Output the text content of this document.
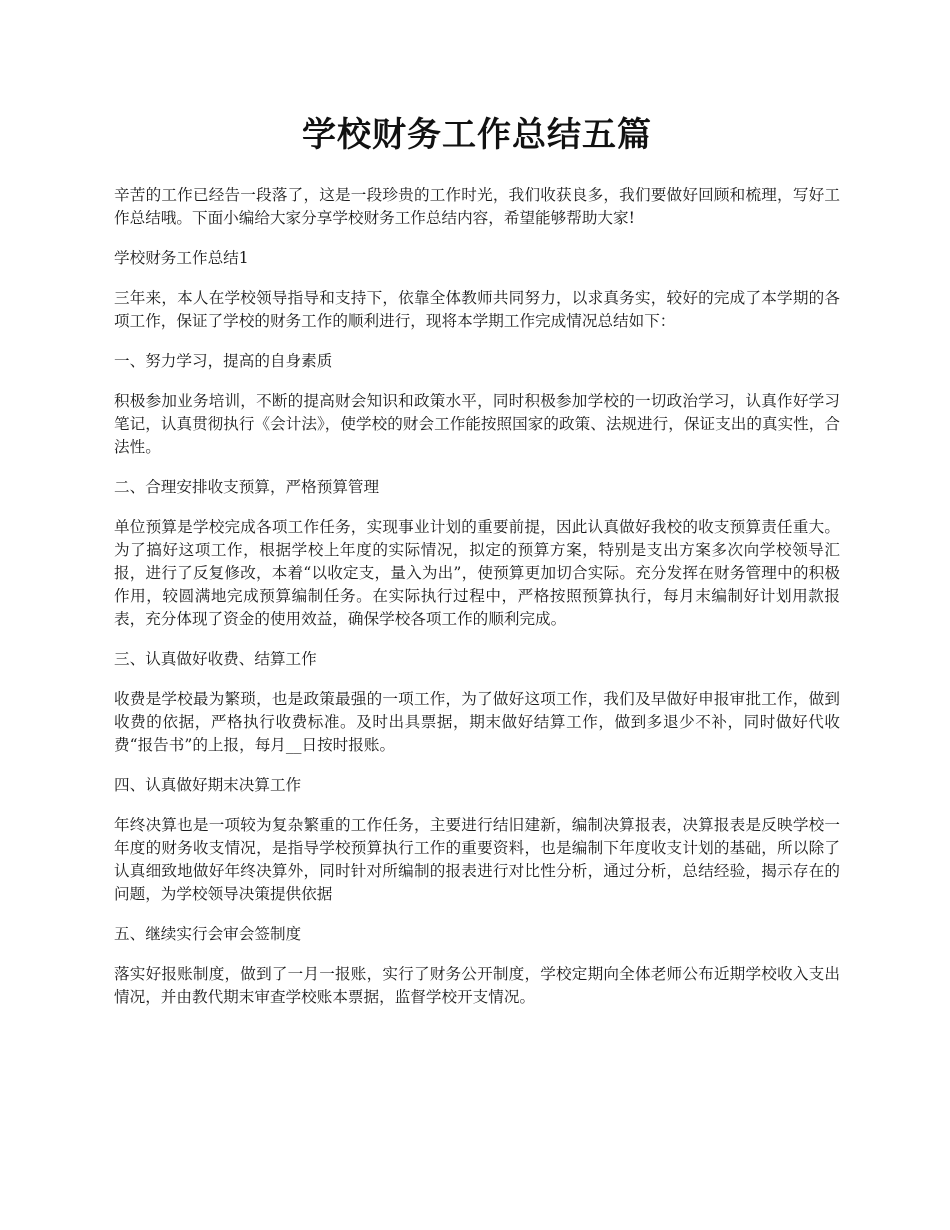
学校财务工作总结五篇

辛苦的工作已经告一段落了，这是一段珍贵的工作时光，我们收获良多，我们要做好回顾和梳理，写好工作总结哦。下面小编给大家分享学校财务工作总结内容，希望能够帮助大家!

学校财务工作总结1

三年来，本人在学校领导指导和支持下，依靠全体教师共同努力，以求真务实，较好的完成了本学期的各项工作，保证了学校的财务工作的顺利进行，现将本学期工作完成情况总结如下：

一、努力学习，提高的自身素质

积极参加业务培训，不断的提高财会知识和政策水平，同时积极参加学校的一切政治学习，认真作好学习笔记，认真贯彻执行《会计法》，使学校的财会工作能按照国家的政策、法规进行，保证支出的真实性，合法性。

二、合理安排收支预算，严格预算管理

单位预算是学校完成各项工作任务，实现事业计划的重要前提，因此认真做好我校的收支预算责任重大。为了搞好这项工作，根据学校上年度的实际情况，拟定的预算方案，特别是支出方案多次向学校领导汇报，进行了反复修改，本着“以收定支，量入为出”，使预算更加切合实际。充分发挥在财务管理中的积极作用，较圆满地完成预算编制任务。在实际执行过程中，严格按照预算执行，每月末编制好计划用款报表，充分体现了资金的使用效益，确保学校各项工作的顺利完成。

三、认真做好收费、结算工作

收费是学校最为繁琐，也是政策最强的一项工作，为了做好这项工作，我们及早做好申报审批工作，做到收费的依据，严格执行收费标准。及时出具票据，期末做好结算工作，做到多退少不补，同时做好代收费“报告书”的上报，每月__日按时报账。

四、认真做好期末决算工作

年终决算也是一项较为复杂繁重的工作任务，主要进行结旧建新，编制决算报表，决算报表是反映学校一年度的财务收支情况，是指导学校预算执行工作的重要资料，也是编制下年度收支计划的基础，所以除了认真细致地做好年终决算外，同时针对所编制的报表进行对比性分析，通过分析，总结经验，揭示存在的问题，为学校领导决策提供依据

五、继续实行会审会签制度

落实好报账制度，做到了一月一报账，实行了财务公开制度，学校定期向全体老师公布近期学校收入支出情况，并由教代期末审查学校账本票据，监督学校开支情况。
